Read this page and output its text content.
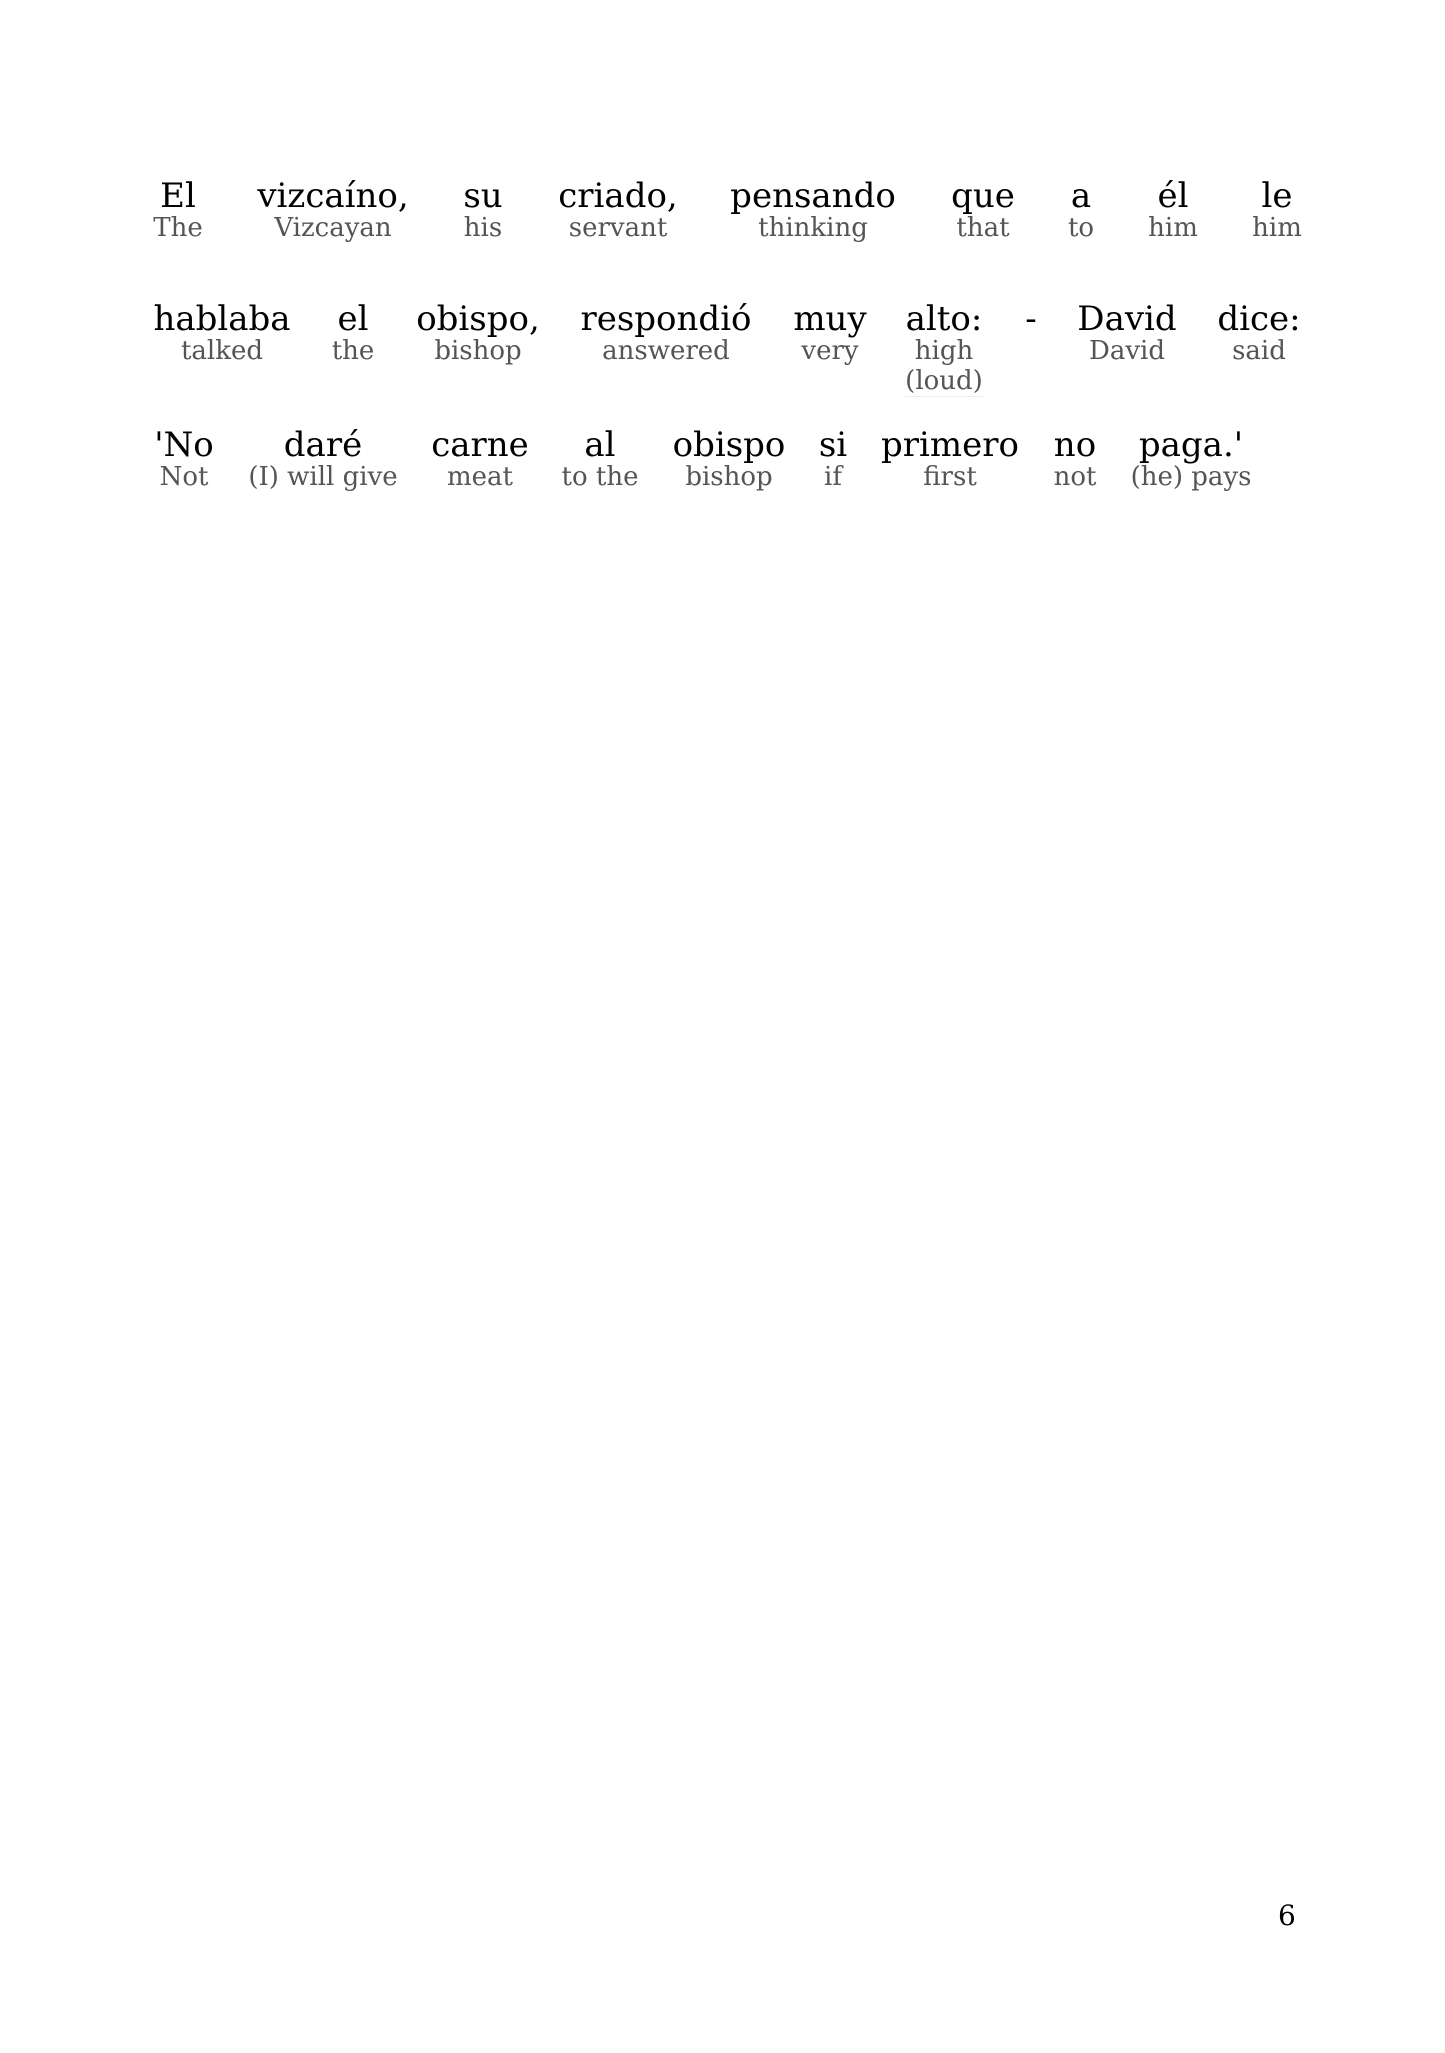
El
The
vizcaíno,
Vizcayan
su
his
criado,
servant
pensando
thinking
que
that
a
to
él
him
le
him
hablaba
talked
el
the
obispo,
bishop
respondió
answered
muy
very
alto:
high
(loud)
- David
David
dice:
said
'No
Not
daré
(I) will give
carne
meat
al
to the
obispo
bishop
si
if
primero
first
no
not
paga.'
(he) pays
6
